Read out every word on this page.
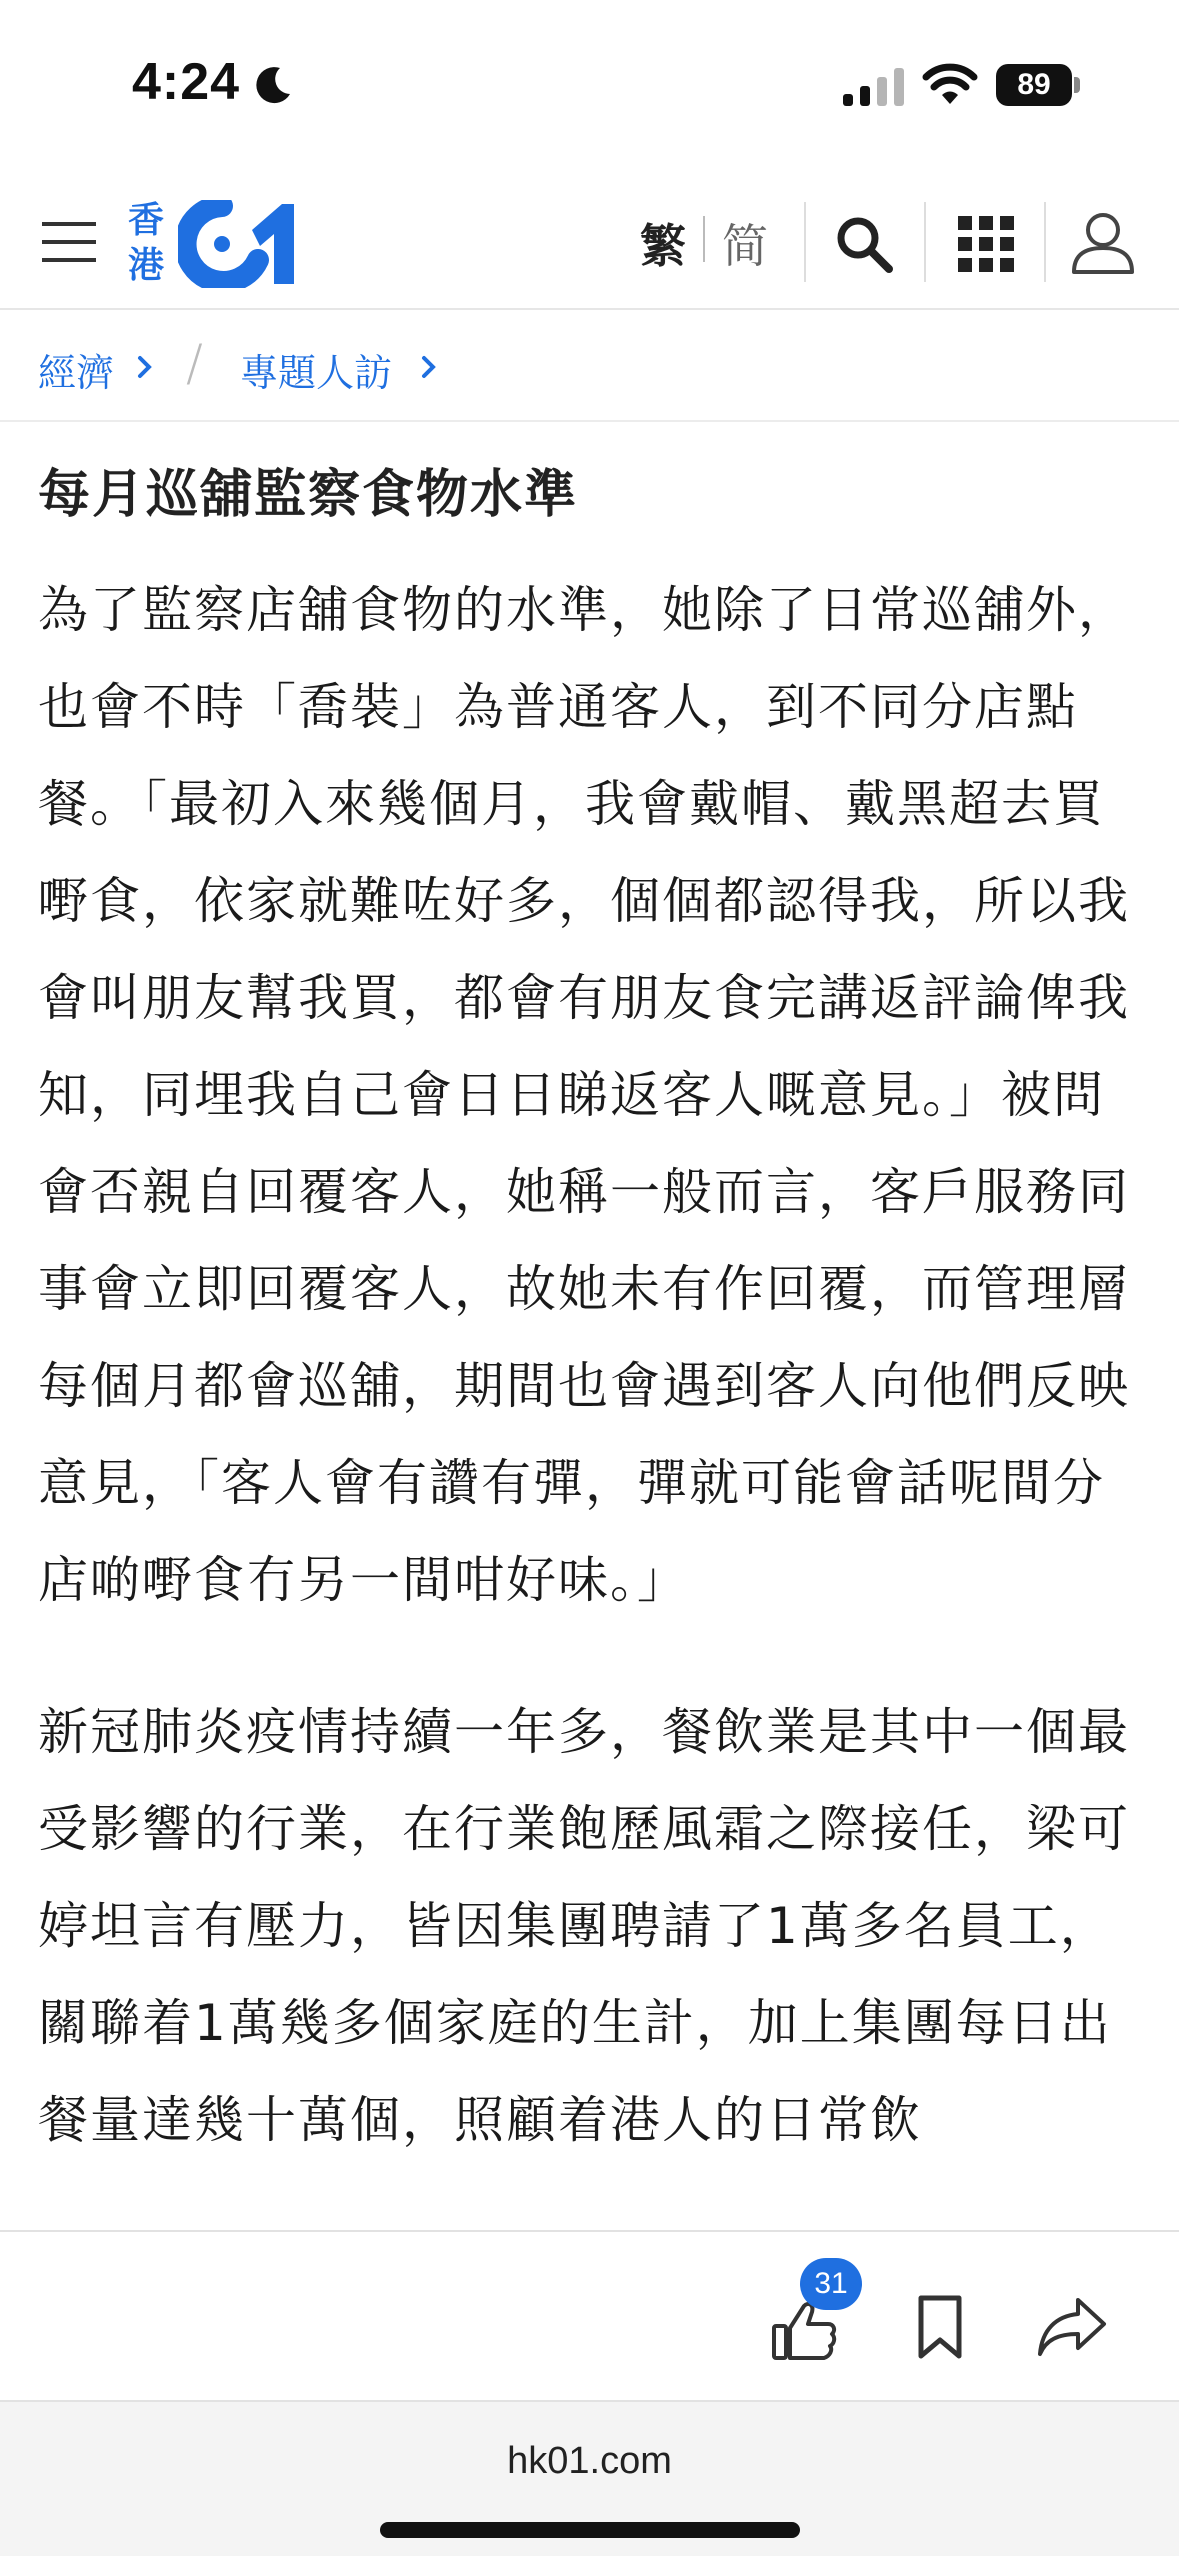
4:24	89
香港	繁 简
經濟 / 專題人訪
每月巡舖監察食物水準

為了監察店舖食物的水準，她除了日常巡舖外，也會不時「喬裝」為普通客人，到不同分店點餐。「最初入來幾個月，我會戴帽、戴黑超去買嘢食，依家就難咗好多，個個都認得我，所以我會叫朋友幫我買，都會有朋友食完講返評論俾我知，同埋我自己會日日睇返客人嘅意見。」被問會否親自回覆客人，她稱一般而言，客戶服務同事會立即回覆客人，故她未有作回覆，而管理層每個月都會巡舖，期間也會遇到客人向他們反映意見，「客人會有讚有彈，彈就可能會話呢間分店啲嘢食冇另一間咁好味。」

新冠肺炎疫情持續一年多，餐飲業是其中一個最受影響的行業，在行業飽歷風霜之際接任，梁可婷坦言有壓力，皆因集團聘請了1萬多名員工，關聯着1萬幾多個家庭的生計，加上集團每日出餐量達幾十萬個，照顧着港人的日常飲

31
hk01.com
